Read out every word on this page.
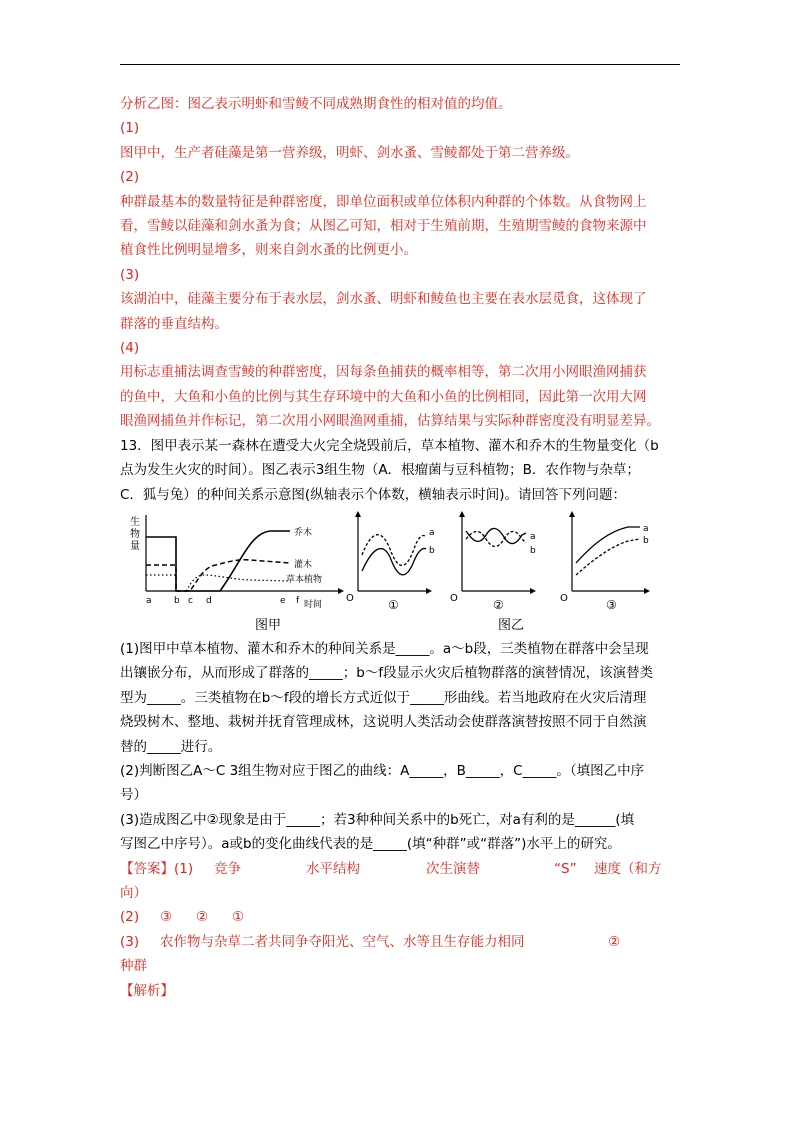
分析乙图：图乙表示明虾和雪鲮不同成熟期食性的相对值的均值。
(1)
图甲中，生产者硅藻是第一营养级，明虾、剑水蚤、雪鲮都处于第二营养级。
(2)
种群最基本的数量特征是种群密度，即单位面积或单位体积内种群的个体数。从食物网上
看，雪鲮以硅藻和剑水蚤为食；从图乙可知，相对于生殖前期，生殖期雪鲮的食物来源中
植食性比例明显增多，则来自剑水蚤的比例更小。
(3)
该湖泊中，硅藻主要分布于表水层，剑水蚤、明虾和鲮鱼也主要在表水层觅食，这体现了
群落的垂直结构。
(4)
用标志重捕法调查雪鲮的种群密度，因每条鱼捕获的概率相等，第二次用小网眼渔网捕获
的鱼中，大鱼和小鱼的比例与其生存环境中的大鱼和小鱼的比例相同，因此第一次用大网
眼渔网捕鱼并作标记，第二次用小网眼渔网重捕，估算结果与实际种群密度没有明显差异。
13．图甲表示某一森林在遭受大火完全烧毁前后，草本植物、灌木和乔木的生物量变化（b
点为发生火灾的时间）。图乙表示3组生物（A．根瘤菌与豆科植物；B．农作物与杂草；
C．狐与兔）的种间关系示意图(纵轴表示个体数，横轴表示时间)。请回答下列问题：
生
物
量
乔木
灌木
草本植物
a b c d	e f 时间
图甲
a
b
O	①
a
b
O	②
a
b
O	③
图乙
(1)图甲中草本植物、灌木和乔木的种间关系是_____。a～b段，三类植物在群落中会呈现
出镶嵌分布，从而形成了群落的_____；b～f段显示火灾后植物群落的演替情况，该演替类
型为_____。三类植物在b～f段的增长方式近似于_____形曲线。若当地政府在火灾后清理
烧毁树木、整地、栽树并抚育管理成林，这说明人类活动会使群落演替按照不同于自然演
替的_____进行。
(2)判断图乙A～C 3组生物对应于图乙的曲线：A_____，B_____，C_____。（填图乙中序
号）
(3)造成图乙中②现象是由于_____；若3种种间关系中的b死亡，对a有利的是______(填
写图乙中序号）。a或b的变化曲线代表的是_____(填“种群”或“群落”)水平上的研究。
【答案】(1) 竞争	水平结构	次生演替	“S” 速度（和方
向）
(2) ③ ② ①
(3) 农作物与杂草二者共同争夺阳光、空气、水等且生存能力相同	②
种群
【解析】
